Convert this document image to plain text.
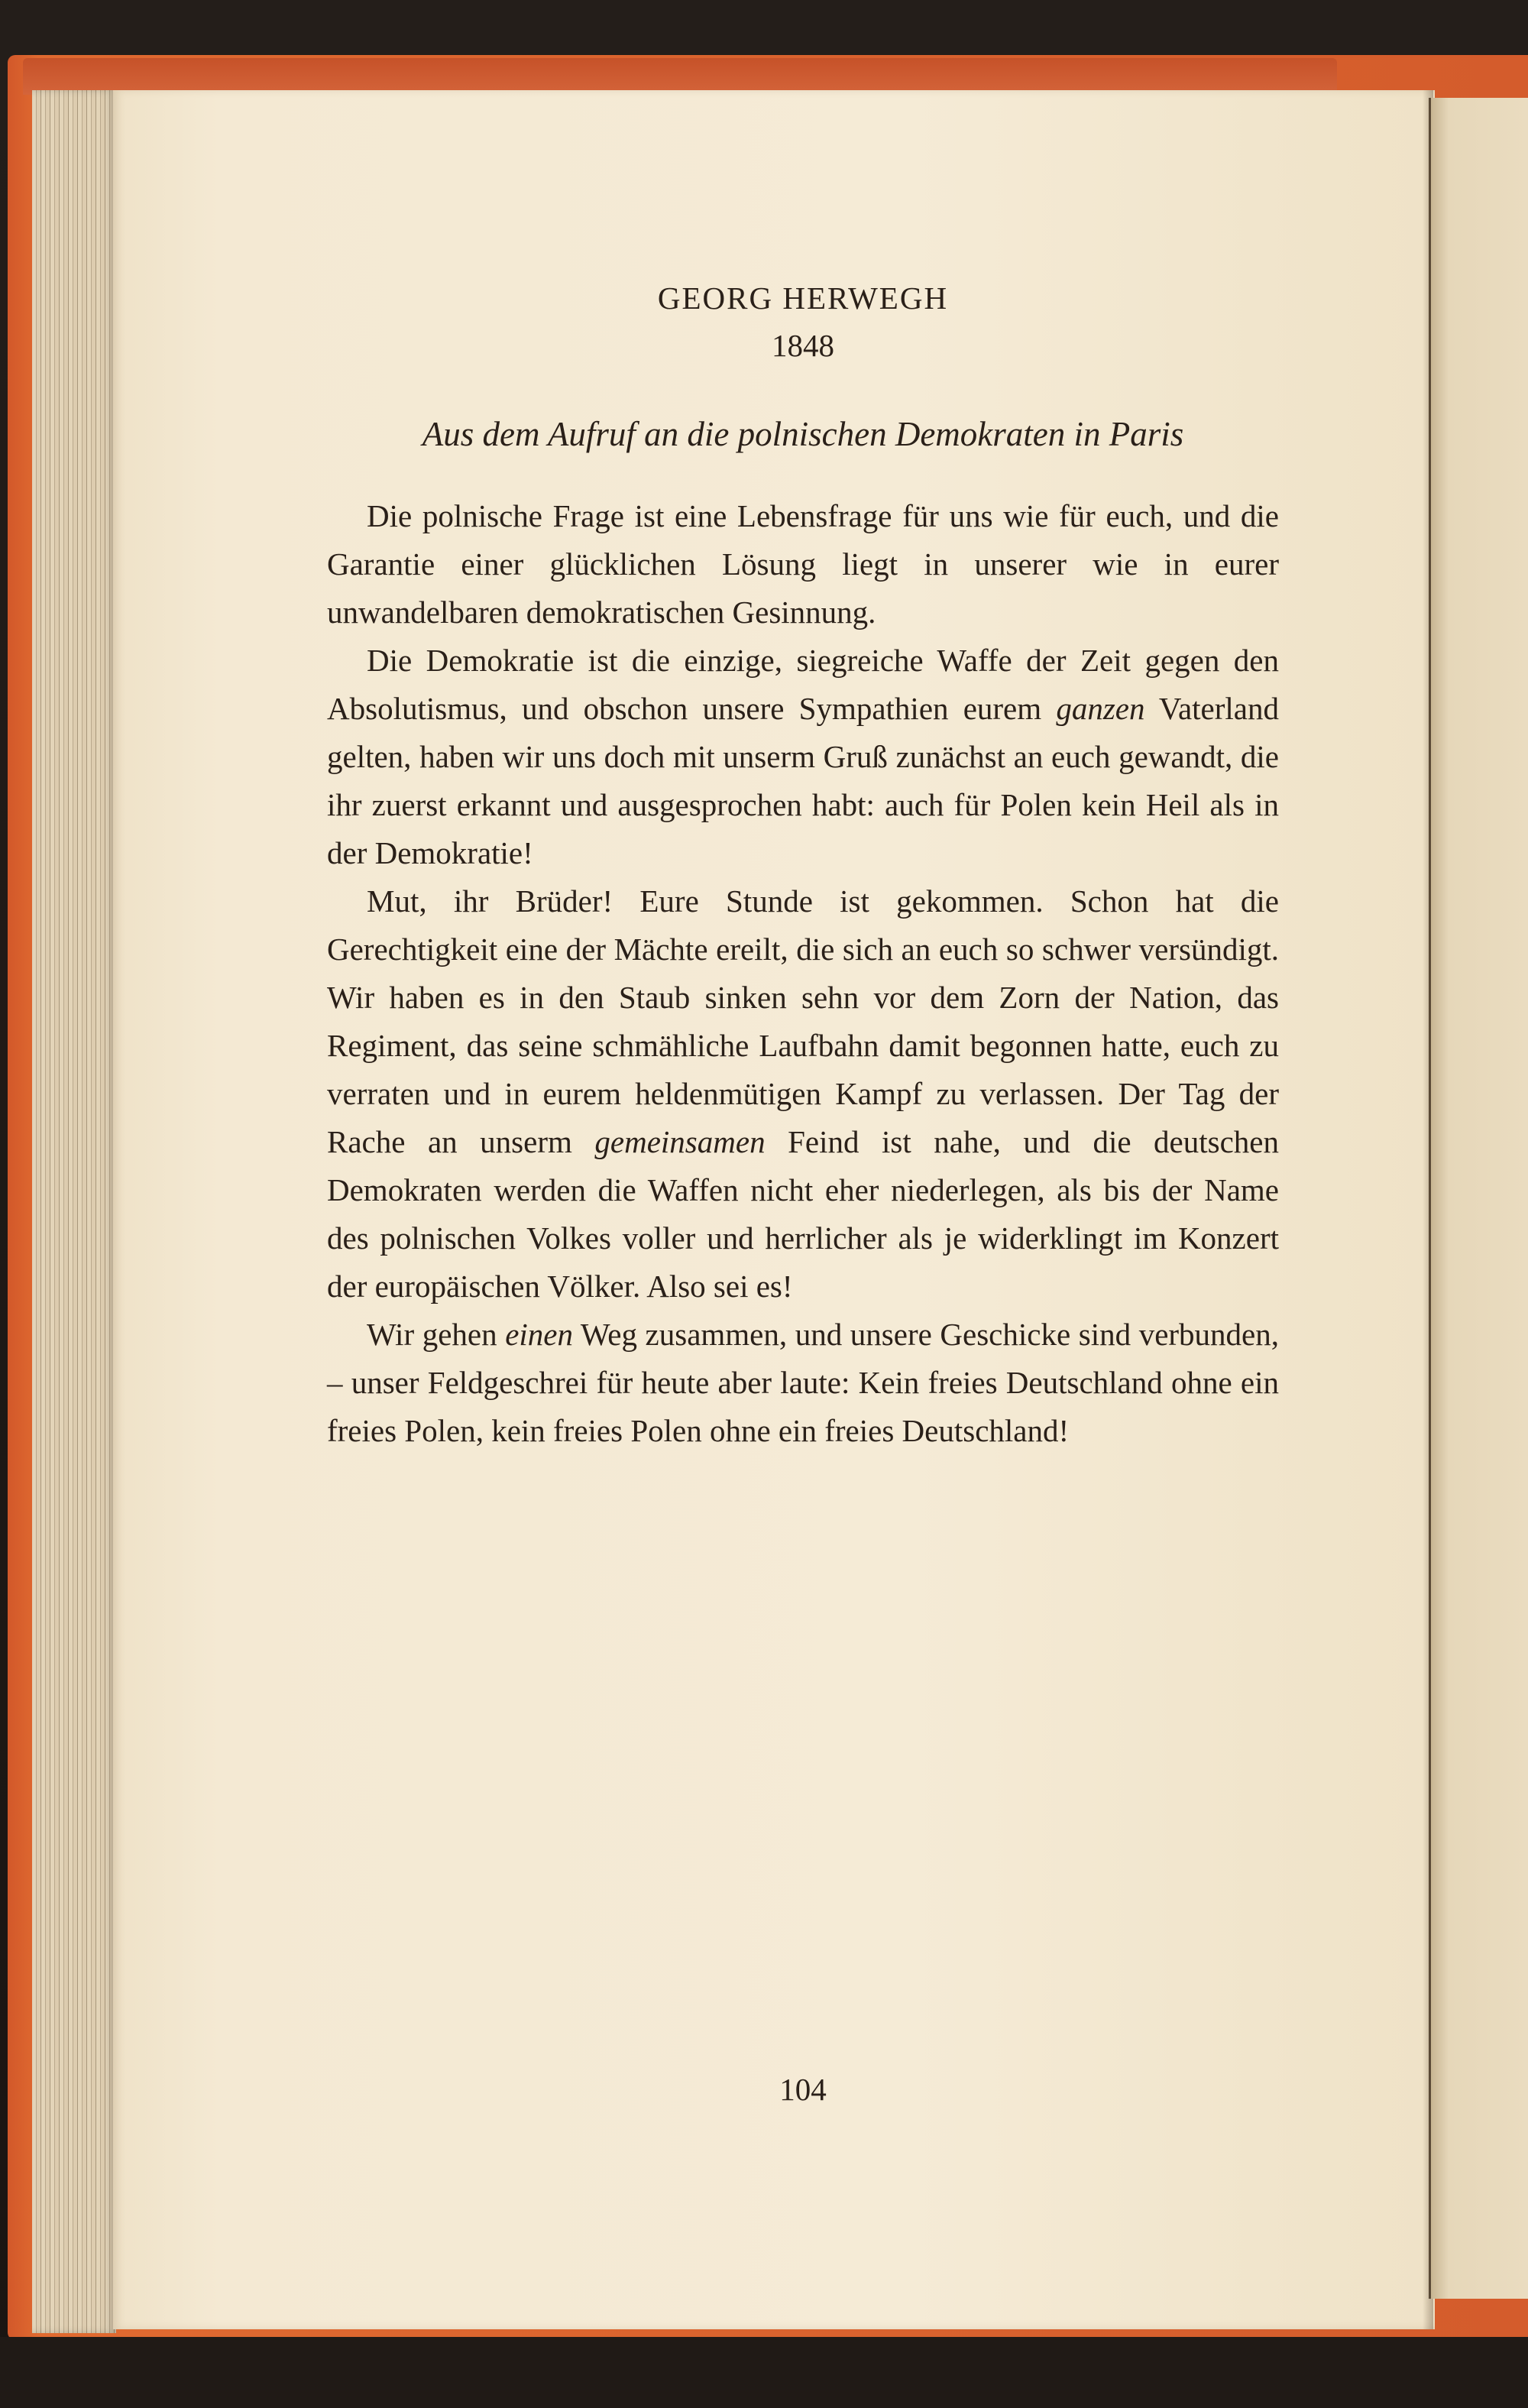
GEORG HERWEGH
1848
Aus dem Aufruf an die polnischen Demokraten in Paris

Die polnische Frage ist eine Lebensfrage für uns wie für euch, und die Garantie einer glücklichen Lösung liegt in unserer wie in eurer unwandelbaren demokratischen Gesinnung.

Die Demokratie ist die einzige, siegreiche Waffe der Zeit gegen den Absolutismus, und obschon unsere Sympathien eurem ganzen Vaterland gelten, haben wir uns doch mit unserm Gruß zunächst an euch gewandt, die ihr zuerst erkannt und ausgesprochen habt: auch für Polen kein Heil als in der Demokratie!

Mut, ihr Brüder! Eure Stunde ist gekommen. Schon hat die Gerechtigkeit eine der Mächte ereilt, die sich an euch so schwer versündigt. Wir haben es in den Staub sinken sehn vor dem Zorn der Nation, das Regiment, das seine schmähliche Laufbahn damit begonnen hatte, euch zu verraten und in eurem heldenmütigen Kampf zu verlassen. Der Tag der Rache an unserm gemeinsamen Feind ist nahe, und die deutschen Demokraten werden die Waffen nicht eher niederlegen, als bis der Name des polnischen Volkes voller und herrlicher als je widerklingt im Konzert der europäischen Völker. Also sei es!

Wir gehen einen Weg zusammen, und unsere Geschicke sind verbunden, – unser Feldgeschrei für heute aber laute: Kein freies Deutschland ohne ein freies Polen, kein freies Polen ohne ein freies Deutschland!

104
